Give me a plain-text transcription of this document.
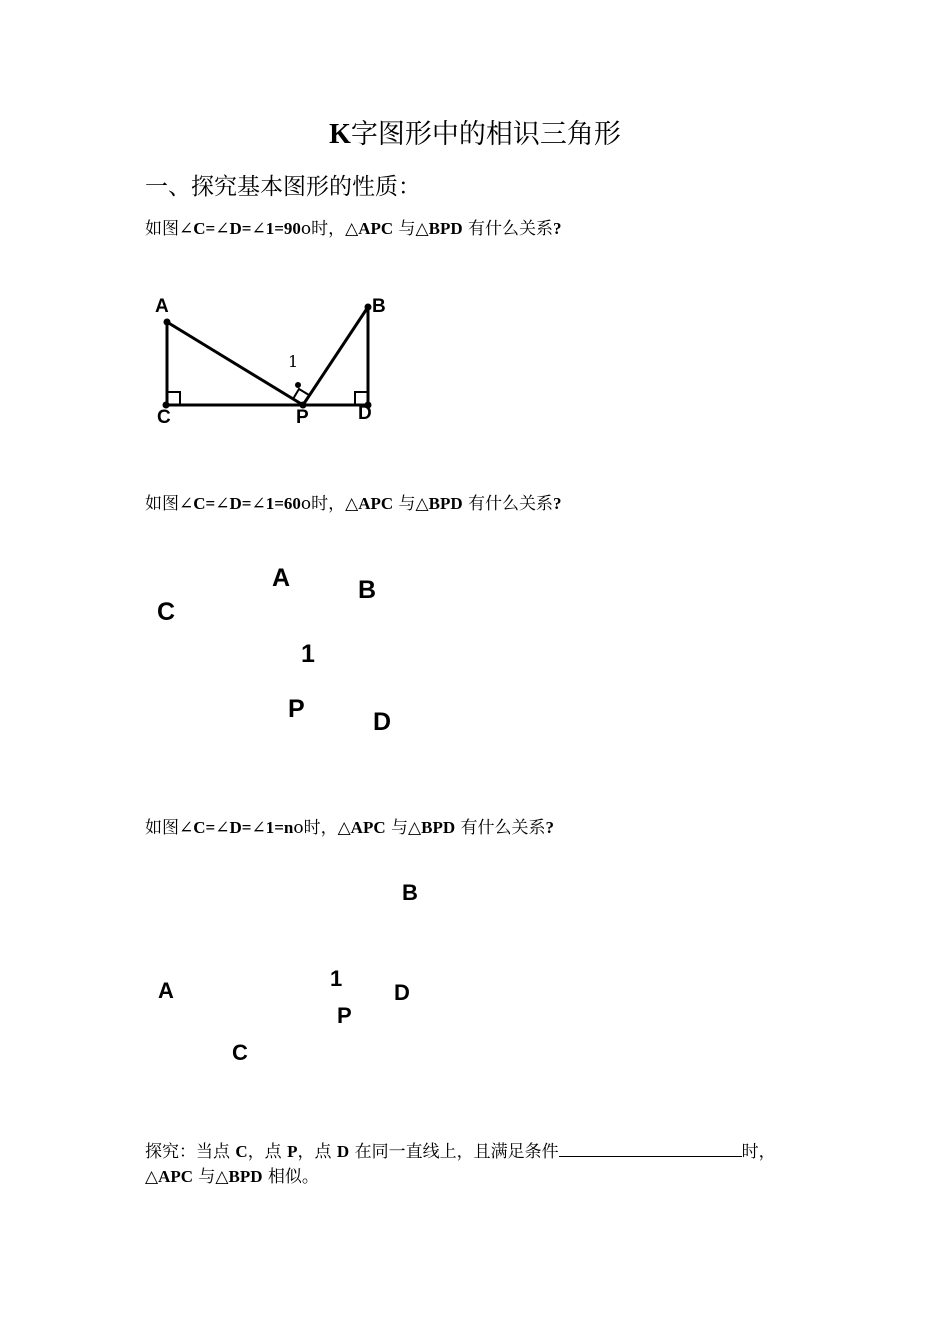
K字图形中的相识三角形
一、探究基本图形的性质：
如图∠C=∠D=∠1=90o时，△APC 与△BPD 有什么关系?
A	B
C	P	D
1
如图∠C=∠D=∠1=60o时，△APC 与△BPD 有什么关系?
A	B
C
1
P	D
如图∠C=∠D=∠1=no时，△APC 与△BPD 有什么关系?
B
A	1
D
P
C
探究：当点 C，点 P，点 D 在同一直线上，且满足条件	时，
△APC 与△BPD 相似。
